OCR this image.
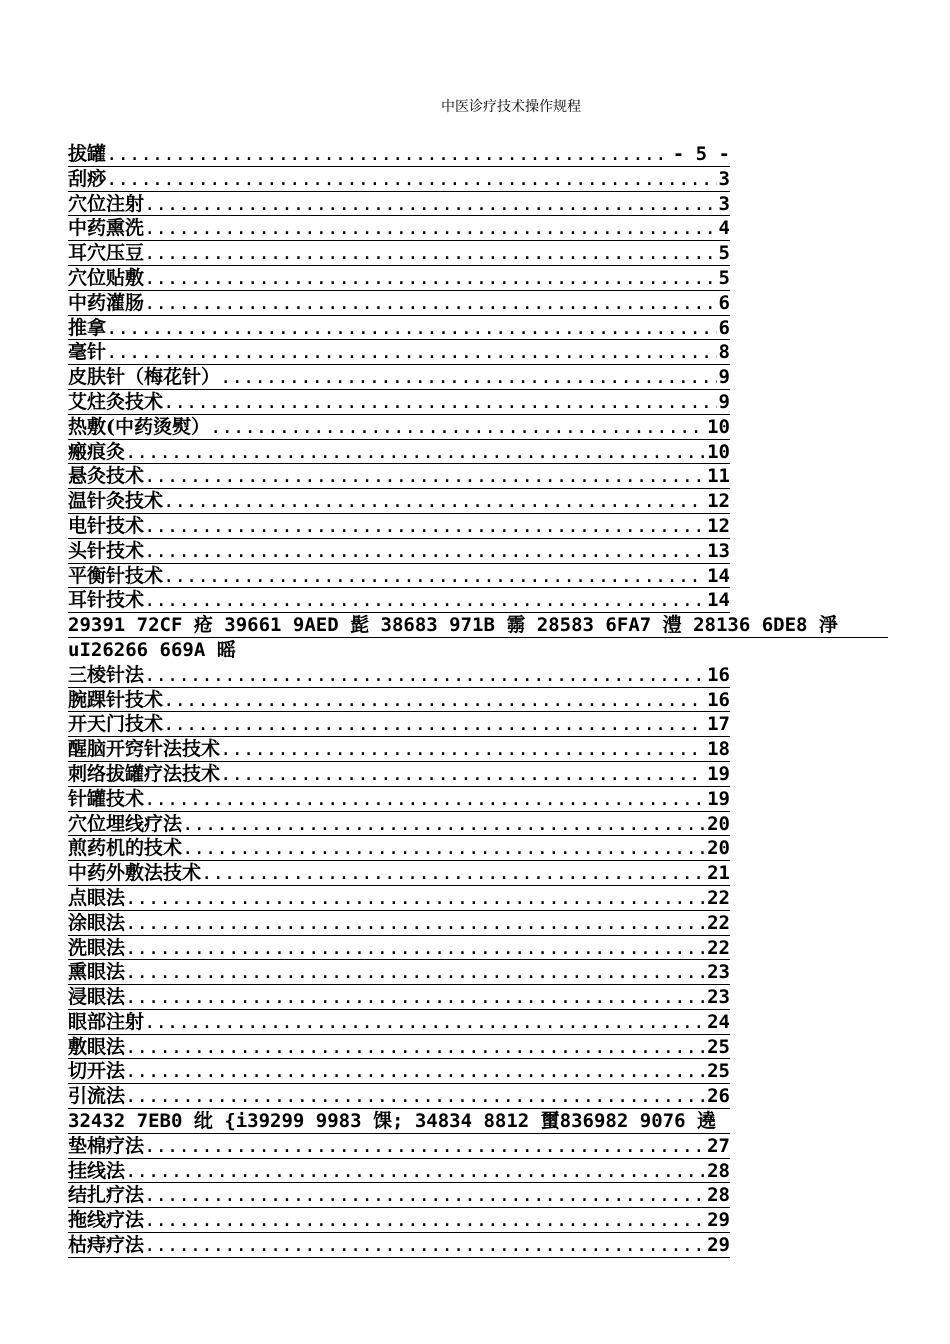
中医诊疗技术操作规程
拔罐 .....	- 5 -
刮痧 .....	3
穴位注射 .....	3
中药熏洗 .....	4
耳穴压豆 .....	5
穴位贴敷 .....	5
中药灌肠 .....	6
推拿 .....	6
毫针 .....	8
皮肤针（梅花针） .....	9
艾炷灸技术 .....	9
热敷(中药烫熨） .....	10
瘢痕灸 .....	10
悬灸技术 .....	11
温针灸技术 .....	12
电针技术 .....	12
头针技术 .....	13
平衡针技术 .....	14
耳针技术 .....	14
29391 72CF 疮 39661 9AED 髭 38683 971B 霛 28583 6FA7 澧 28136 6DE8 淨
uI26266 669A 暚
三棱针法 .....	16
腕踝针技术 .....	16
开天门技术 .....	17
醒脑开窍针法技术 .....	18
刺络拔罐疗法技术 .....	19
针罐技术 .....	19
穴位埋线疗法 .....	20
煎药机的技术 .....	20
中药外敷法技术 .....	21
点眼法 .....	22
涂眼法 .....	22
洗眼法 .....	22
熏眼法 .....	23
浸眼法 .....	23
眼部注射 .....	24
敷眼法 .....	25
切开法 .....	25
引流法 .....	26
32432 7EB0 纰 {i39299 9983 馃; 34834 8812 蠒836982 9076 遶
垫棉疗法 .....	27
挂线法 .....	28
结扎疗法 .....	28
拖线疗法 .....	29
枯痔疗法 .....	29
